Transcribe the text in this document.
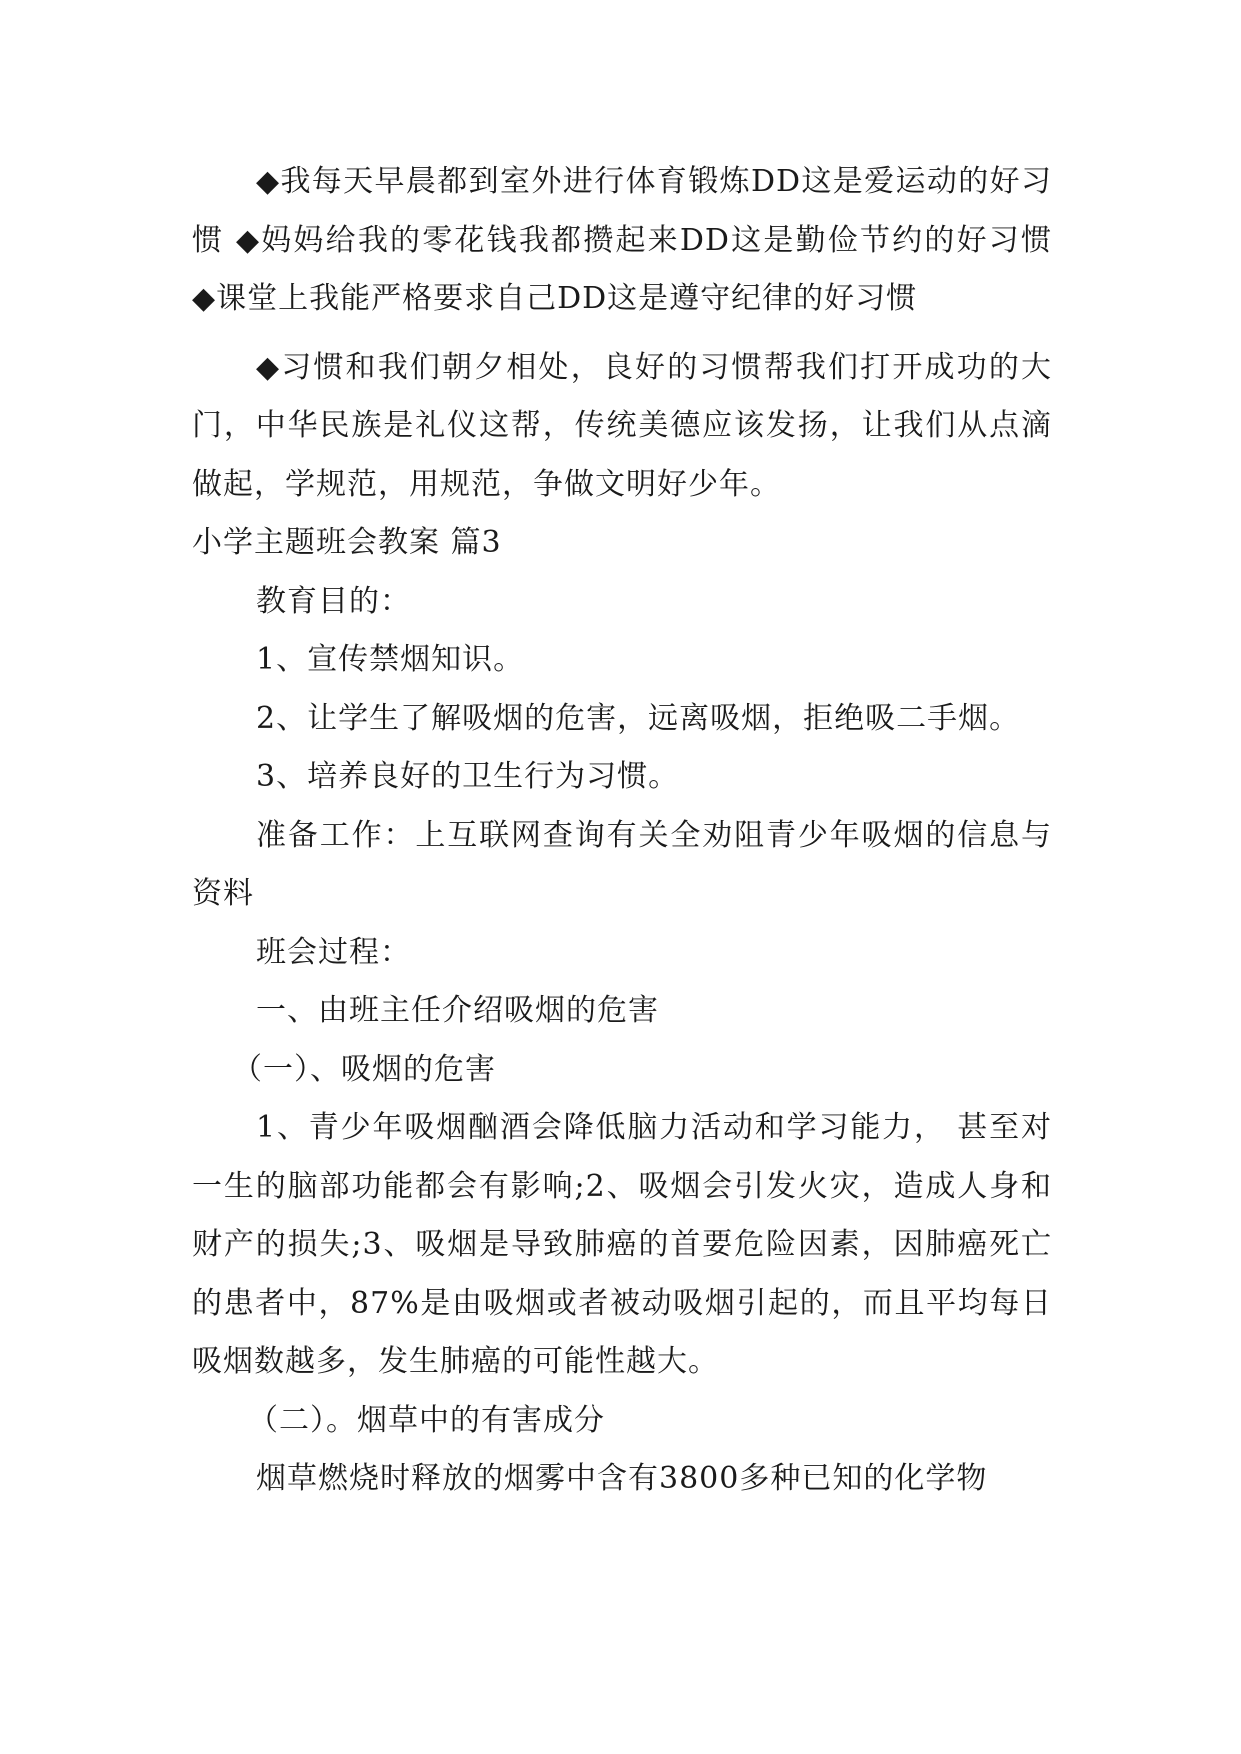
◆我每天早晨都到室外进行体育锻炼DD这是爱运动的好习惯 ◆妈妈给我的零花钱我都攒起来DD这是勤俭节约的好习惯 ◆课堂上我能严格要求自己DD这是遵守纪律的好习惯

◆习惯和我们朝夕相处，良好的习惯帮我们打开成功的大门，中华民族是礼仪这帮，传统美德应该发扬，让我们从点滴做起，学规范，用规范，争做文明好少年。

小学主题班会教案 篇3

教育目的：

1、宣传禁烟知识。

2、让学生了解吸烟的危害，远离吸烟，拒绝吸二手烟。

3、培养良好的卫生行为习惯。

准备工作：上互联网查询有关全劝阻青少年吸烟的信息与资料

班会过程：

一、由班主任介绍吸烟的危害

（一）、吸烟的危害

1、青少年吸烟酗酒会降低脑力活动和学习能力， 甚至对一生的脑部功能都会有影响;2、吸烟会引发火灾，造成人身和财产的损失;3、吸烟是导致肺癌的首要危险因素，因肺癌死亡的患者中，87%是由吸烟或者被动吸烟引起的，而且平均每日吸烟数越多，发生肺癌的可能性越大。

（二）。烟草中的有害成分

烟草燃烧时释放的烟雾中含有3800多种已知的化学物
